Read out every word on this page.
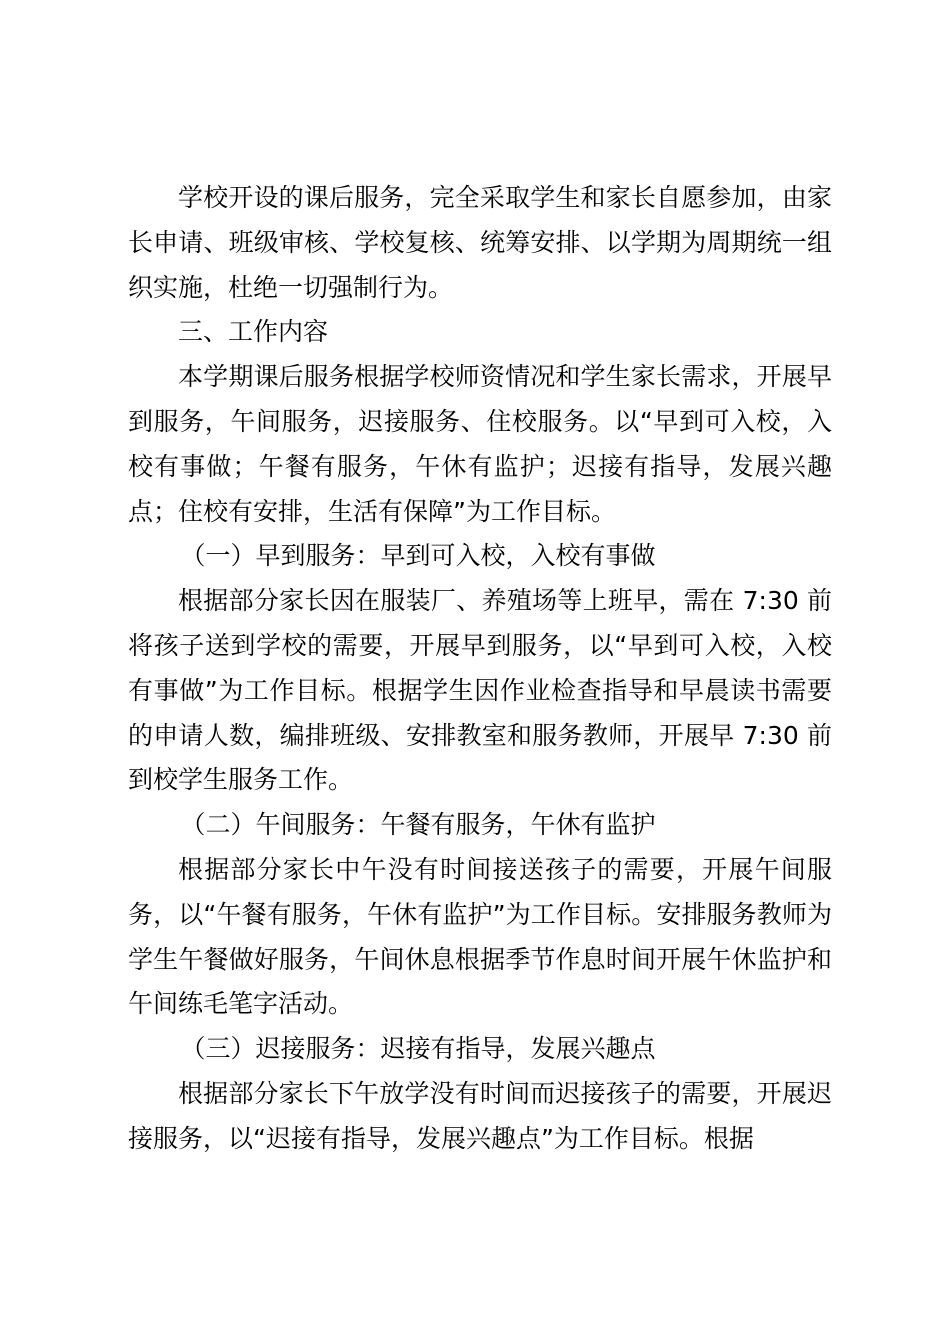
学校开设的课后服务，完全采取学生和家长自愿参加，由家长申请、班级审核、学校复核、统筹安排、以学期为周期统一组织实施，杜绝一切强制行为。

三、工作内容

本学期课后服务根据学校师资情况和学生家长需求，开展早到服务，午间服务，迟接服务、住校服务。以“早到可入校，入校有事做；午餐有服务，午休有监护；迟接有指导，发展兴趣点；住校有安排，生活有保障”为工作目标。

（一）早到服务：早到可入校，入校有事做

根据部分家长因在服装厂、养殖场等上班早，需在 7:30 前将孩子送到学校的需要，开展早到服务，以“早到可入校，入校有事做”为工作目标。根据学生因作业检查指导和早晨读书需要的申请人数，编排班级、安排教室和服务教师，开展早 7:30 前到校学生服务工作。

（二）午间服务：午餐有服务，午休有监护

根据部分家长中午没有时间接送孩子的需要，开展午间服务，以“午餐有服务，午休有监护”为工作目标。安排服务教师为学生午餐做好服务，午间休息根据季节作息时间开展午休监护和午间练毛笔字活动。

（三）迟接服务：迟接有指导，发展兴趣点

根据部分家长下午放学没有时间而迟接孩子的需要，开展迟接服务，以“迟接有指导，发展兴趣点”为工作目标。根据
